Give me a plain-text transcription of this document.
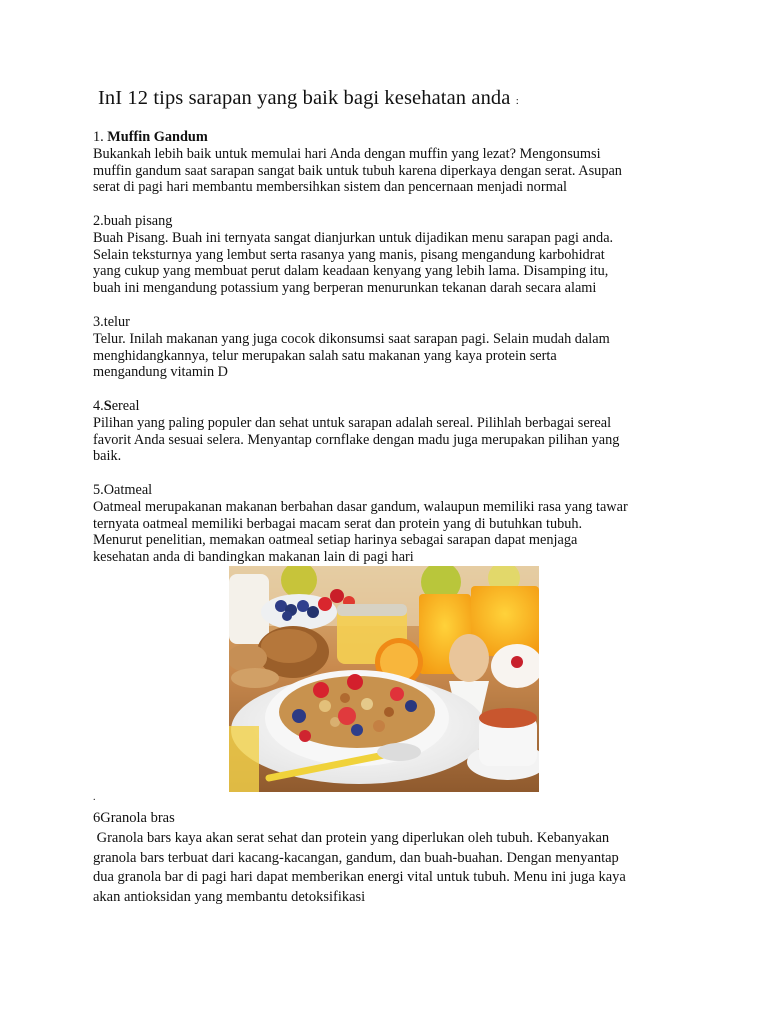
InI 12 tips sarapan yang baik bagi kesehatan anda :
1. Muffin Gandum
Bukankah lebih baik untuk memulai hari Anda dengan muffin yang lezat? Mengonsumsi
muffin gandum saat sarapan sangat baik untuk tubuh karena diperkaya dengan serat. Asupan
serat di pagi hari membantu membersihkan sistem dan pencernaan menjadi normal
2.buah pisang
Buah Pisang. Buah ini ternyata sangat dianjurkan untuk dijadikan menu sarapan pagi anda.
Selain teksturnya yang lembut serta rasanya yang manis, pisang mengandung karbohidrat
yang cukup yang membuat perut dalam keadaan kenyang yang lebih lama. Disamping itu,
buah ini mengandung potassium yang berperan menurunkan tekanan darah secara alami
3.telur
Telur. Inilah makanan yang juga cocok dikonsumsi saat sarapan pagi. Selain mudah dalam
menghidangkannya, telur merupakan salah satu makanan yang kaya protein serta
mengandung vitamin D
4.Sereal
Pilihan yang paling populer dan sehat untuk sarapan adalah sereal. Pilihlah berbagai sereal
favorit Anda sesuai selera. Menyantap cornflake dengan madu juga merupakan pilihan yang
baik.
5.Oatmeal
Oatmeal merupakanan makanan berbahan dasar gandum, walaupun memiliki rasa yang tawar
ternyata oatmeal memiliki berbagai macam serat dan protein yang di butuhkan tubuh.
Menurut penelitian, memakan oatmeal setiap harinya sebagai sarapan dapat menjaga
kesehatan anda di bandingkan makanan lain di pagi hari
.
6Granola bras
Granola bars kaya akan serat sehat dan protein yang diperlukan oleh tubuh. Kebanyakan
granola bars terbuat dari kacang-kacangan, gandum, dan buah-buahan. Dengan menyantap
dua granola bar di pagi hari dapat memberikan energi vital untuk tubuh. Menu ini juga kaya
akan antioksidan yang membantu detoksifikasi
